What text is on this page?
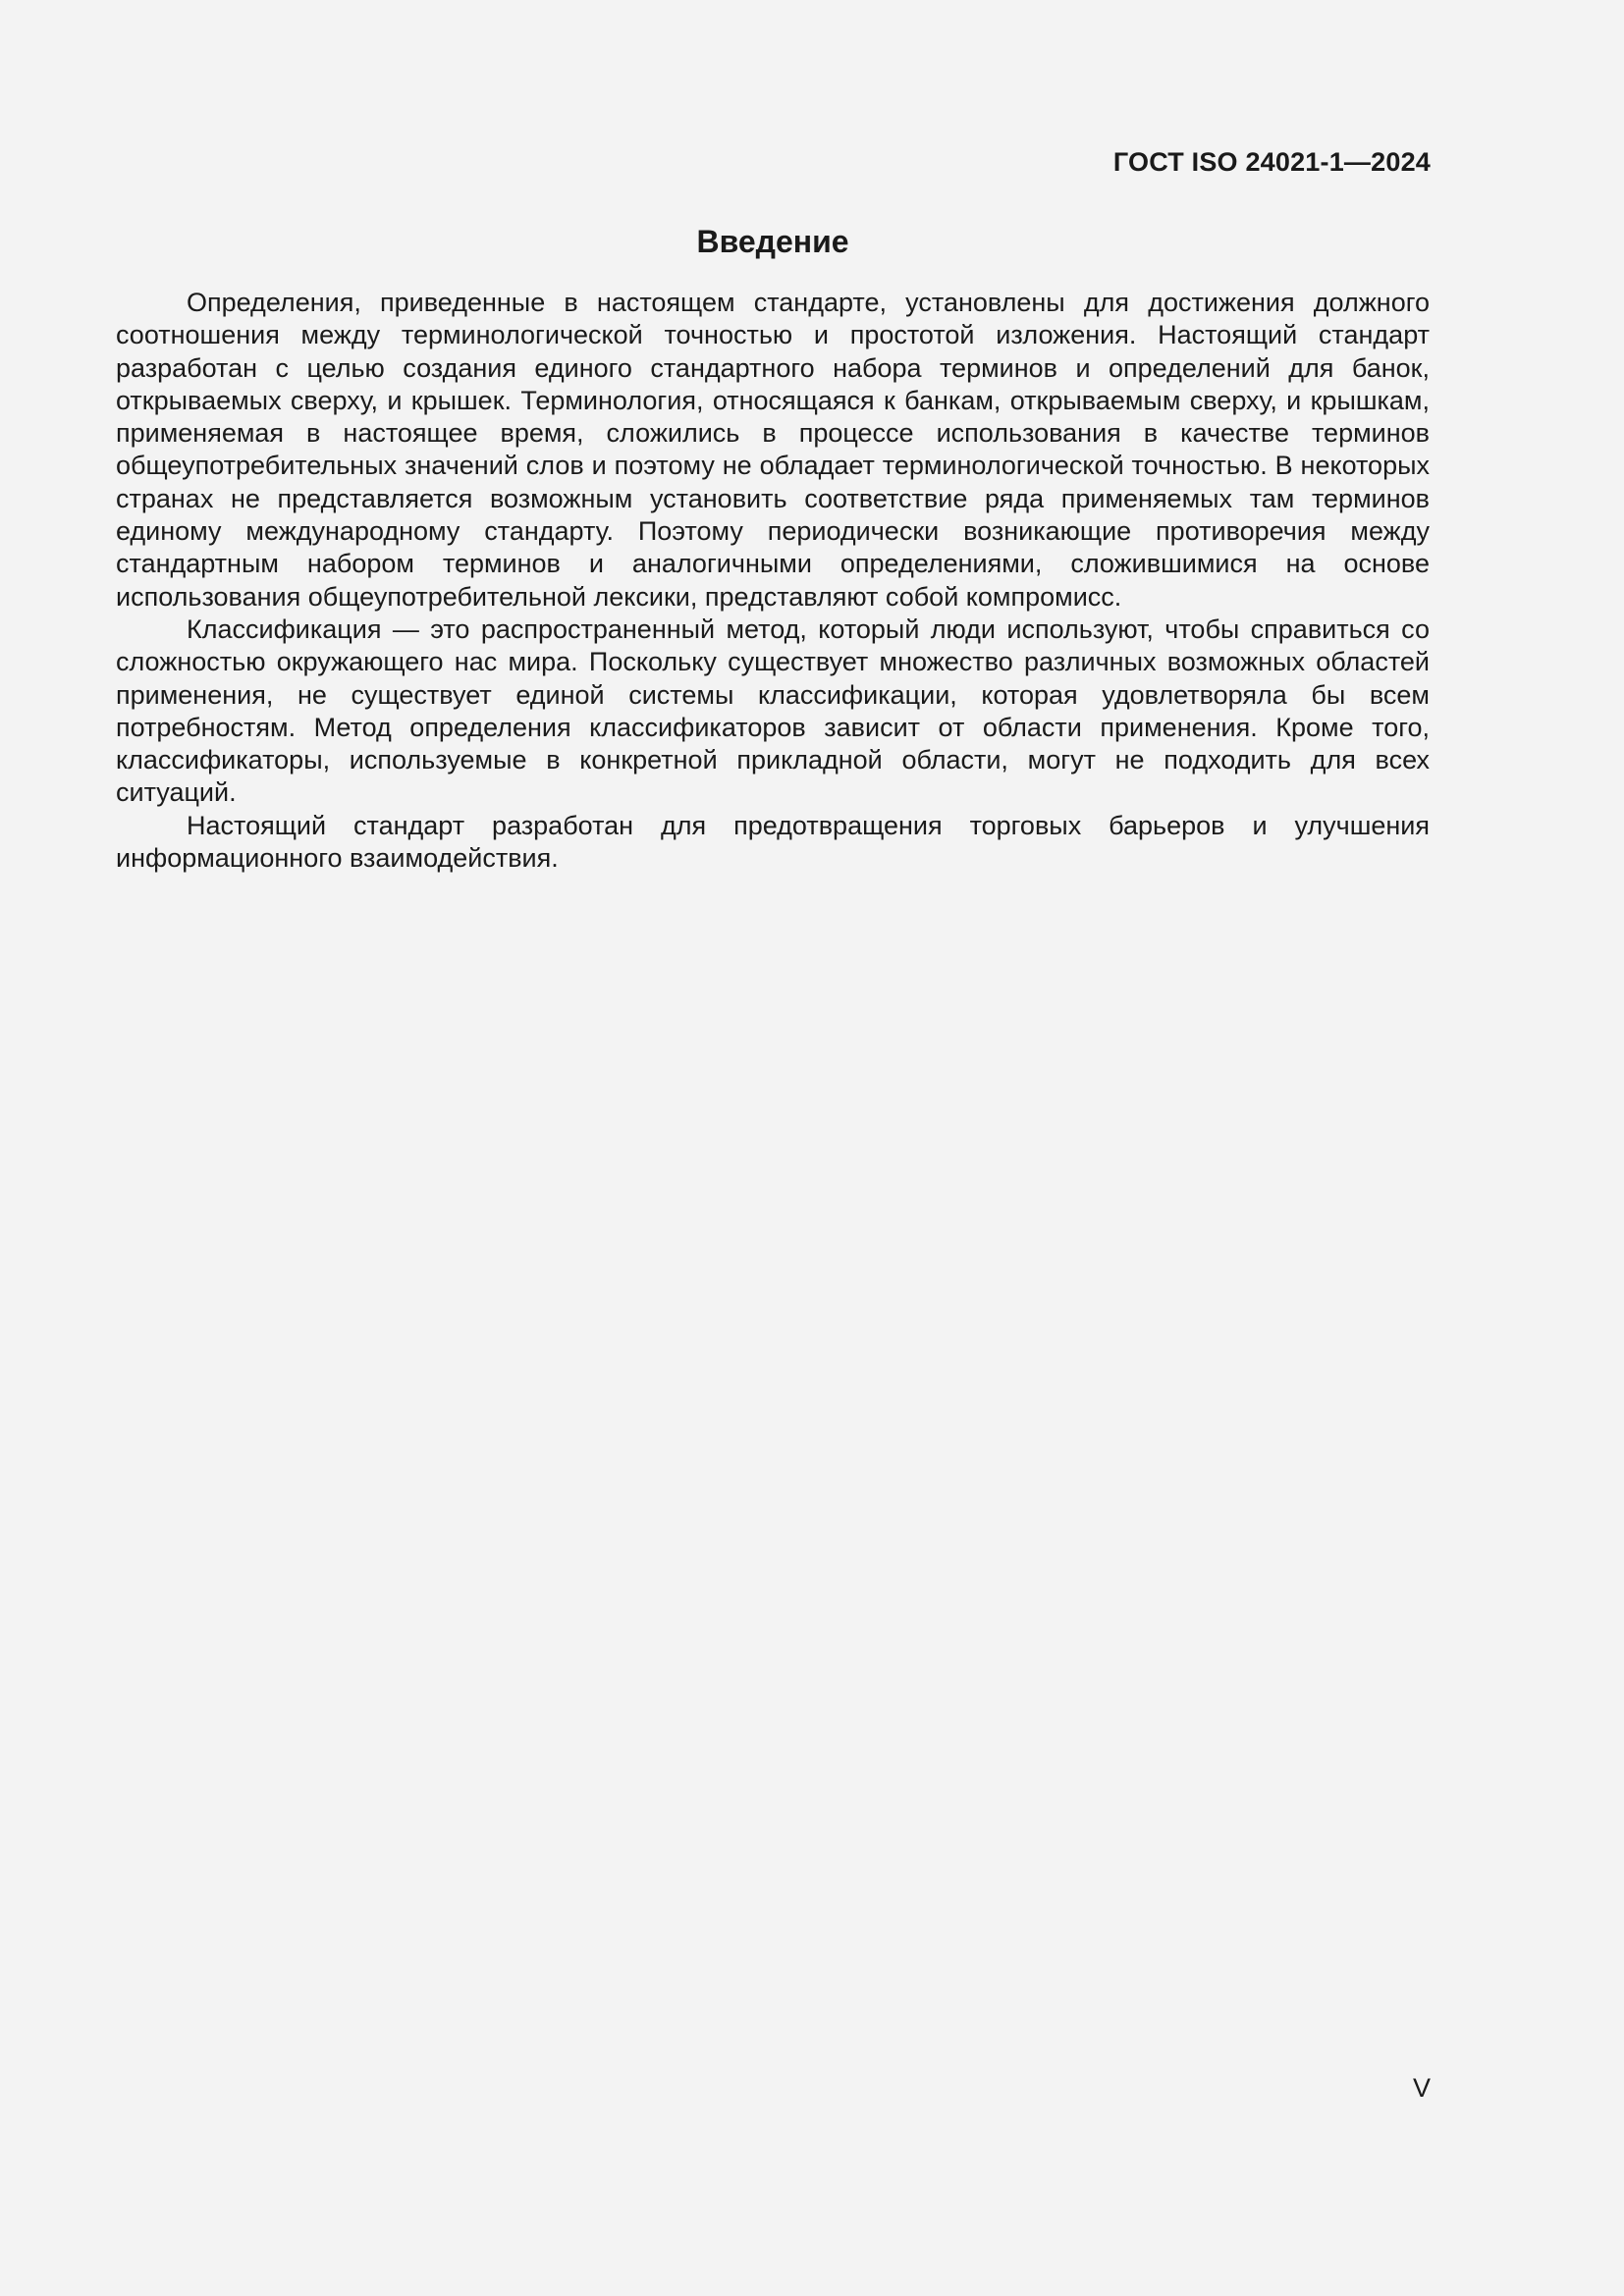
ГОСТ ISO 24021-1—2024
Введение

Определения, приведенные в настоящем стандарте, установлены для достижения должного соотношения между терминологической точностью и простотой изложения. Настоящий стандарт разработан с целью создания единого стандартного набора терминов и определений для банок, открываемых сверху, и крышек. Терминология, относящаяся к банкам, открываемым сверху, и крышкам, применяемая в настоящее время, сложились в процессе использования в качестве терминов общеупотребительных значений слов и поэтому не обладает терминологической точностью. В некоторых странах не представляется возможным установить соответствие ряда применяемых там терминов единому международному стандарту. Поэтому периодически возникающие противоречия между стандартным набором терминов и аналогичными определениями, сложившимися на основе использования общеупотребительной лексики, представляют собой компромисс.

Классификация — это распространенный метод, который люди используют, чтобы справиться со сложностью окружающего нас мира. Поскольку существует множество различных возможных областей применения, не существует единой системы классификации, которая удовлетворяла бы всем потребностям. Метод определения классификаторов зависит от области применения. Кроме того, классификаторы, используемые в конкретной прикладной области, могут не подходить для всех ситуаций.

Настоящий стандарт разработан для предотвращения торговых барьеров и улучшения информационного взаимодействия.

V
